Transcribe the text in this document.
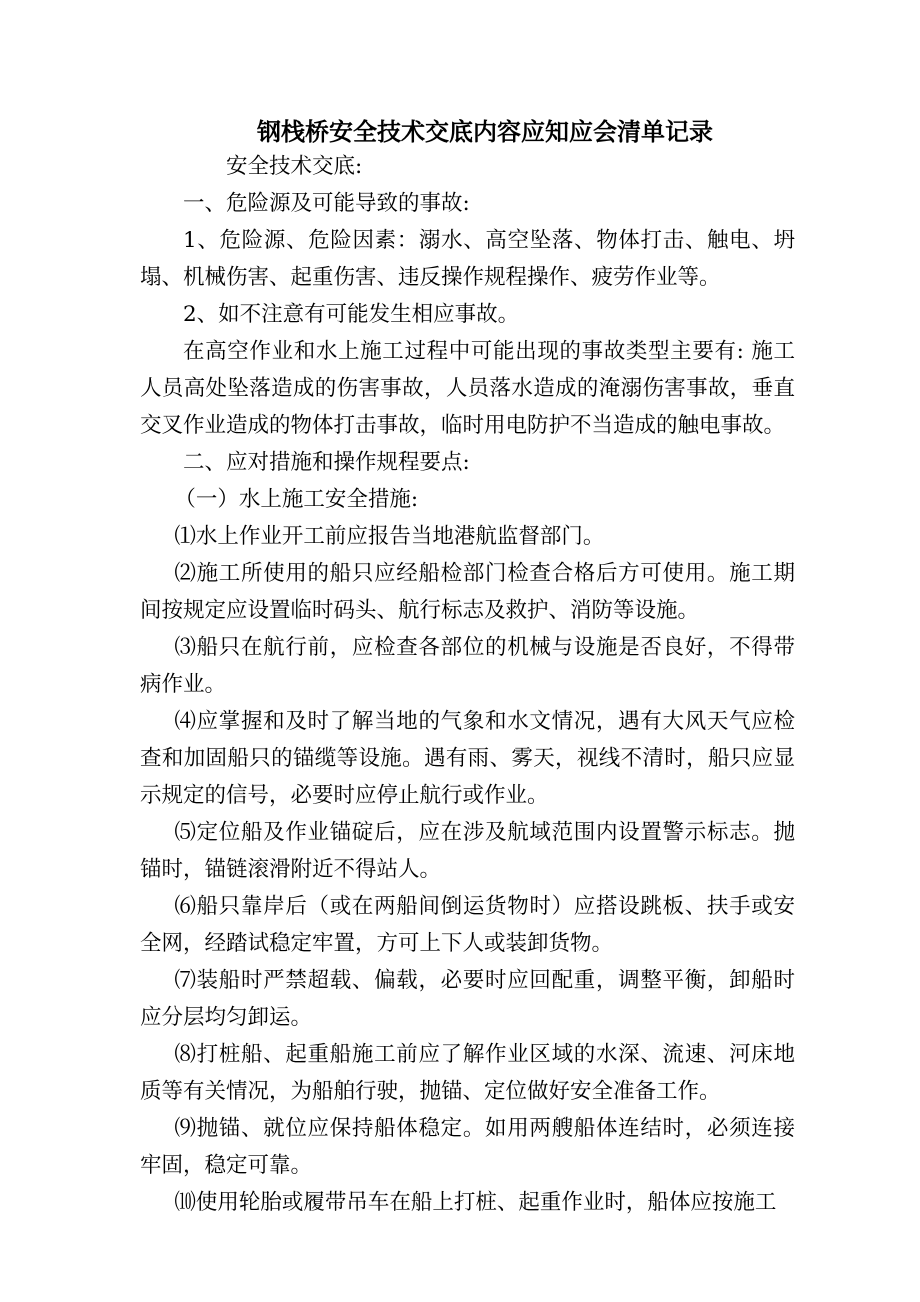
钢栈桥安全技术交底内容应知应会清单记录

安全技术交底:

一、危险源及可能导致的事故:

1、危险源、危险因素：溺水、高空坠落、物体打击、触电、坍塌、机械伤害、起重伤害、违反操作规程操作、疲劳作业等。

2、如不注意有可能发生相应事故。

在高空作业和水上施工过程中可能出现的事故类型主要有: 施工人员高处坠落造成的伤害事故，人员落水造成的淹溺伤害事故，垂直交叉作业造成的物体打击事故，临时用电防护不当造成的触电事故。

二、应对措施和操作规程要点:

（一）水上施工安全措施:

⑴水上作业开工前应报告当地港航监督部门。

⑵施工所使用的船只应经船检部门检查合格后方可使用。施工期间按规定应设置临时码头、航行标志及救护、消防等设施。

⑶船只在航行前，应检查各部位的机械与设施是否良好，不得带病作业。

⑷应掌握和及时了解当地的气象和水文情况，遇有大风天气应检查和加固船只的锚缆等设施。遇有雨、雾天，视线不清时，船只应显示规定的信号，必要时应停止航行或作业。

⑸定位船及作业锚碇后，应在涉及航域范围内设置警示标志。抛锚时，锚链滚滑附近不得站人。

⑹船只靠岸后（或在两船间倒运货物时）应搭设跳板、扶手或安全网，经踏试稳定牢置，方可上下人或装卸货物。

⑺装船时严禁超载、偏载，必要时应回配重，调整平衡，卸船时应分层均匀卸运。

⑻打桩船、起重船施工前应了解作业区域的水深、流速、河床地质等有关情况，为船舶行驶，抛锚、定位做好安全准备工作。

⑼抛锚、就位应保持船体稳定。如用两艘船体连结时，必须连接牢固，稳定可靠。

⑽使用轮胎或履带吊车在船上打桩、起重作业时，船体应按施工
